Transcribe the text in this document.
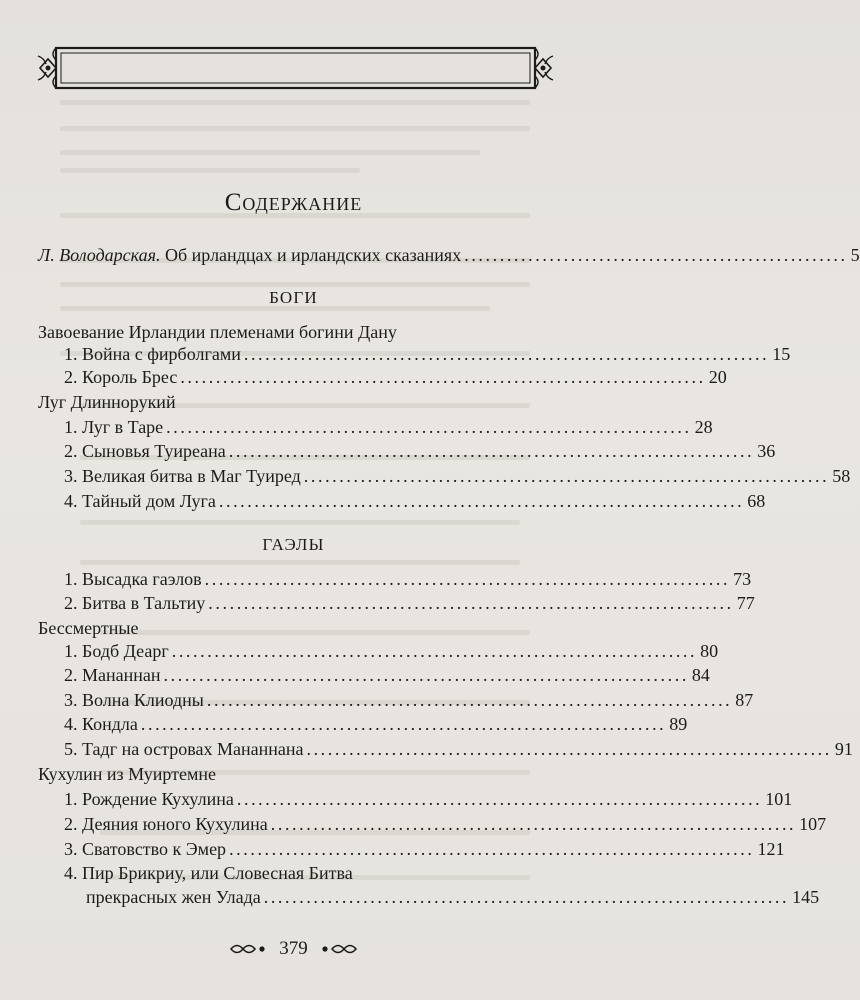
Содержание
Л. Володарская. Об ирландцах и ирландских сказаниях ...................................................... 5
БОГИ
Завоевание Ирландии племенами богини Дану
1. Война с фирболгами .......................................................................... 15
2. Король Брес .......................................................................... 20
Луг Длиннорукий
1. Луг в Таре .......................................................................... 28
2. Сыновья Туиреана .......................................................................... 36
3. Великая битва в Маг Туиред .......................................................................... 58
4. Тайный дом Луга .......................................................................... 68
ГАЭЛЫ
1. Высадка гаэлов .......................................................................... 73
2. Битва в Тальтиу .......................................................................... 77
Бессмертные
1. Бодб Деарг .......................................................................... 80
2. Мананнан .......................................................................... 84
3. Волна Клиодны .......................................................................... 87
4. Кондла .......................................................................... 89
5. Тадг на островах Мананнана .......................................................................... 91
Кухулин из Муиртемне
1. Рождение Кухулина .......................................................................... 101
2. Деяния юного Кухулина .......................................................................... 107
3. Сватовство к Эмер .......................................................................... 121
4. Пир Брикриу, или Словесная Битва
прекрасных жен Улада .......................................................................... 145
379
